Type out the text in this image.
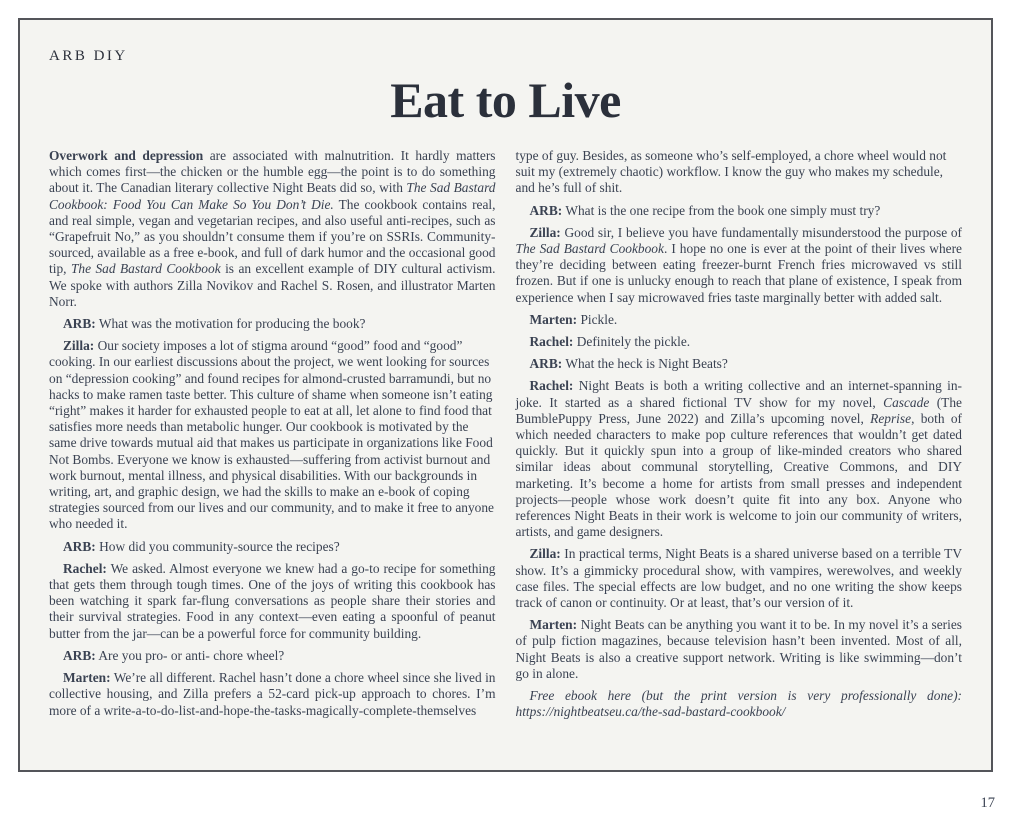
ARB DIY
Eat to Live

Overwork and depression are associated with malnutrition. It hardly matters which comes first—the chicken or the humble egg—the point is to do something about it. The Canadian literary collective Night Beats did so, with The Sad Bastard Cookbook: Food You Can Make So You Don’t Die. The cookbook contains real, and real simple, vegan and vegetarian recipes, and also useful anti-recipes, such as “Grapefruit No,” as you shouldn’t consume them if you’re on SSRIs. Community-sourced, available as a free e-book, and full of dark humor and the occasional good tip, The Sad Bastard Cookbook is an excellent example of DIY cultural activism. We spoke with authors Zilla Novikov and Rachel S. Rosen, and illustrator Marten Norr.

ARB: What was the motivation for producing the book?

Zilla: Our society imposes a lot of stigma around “good” food and “good” cooking. In our earliest discussions about the project, we went looking for sources on “depression cooking” and found recipes for almond-crusted barramundi, but no hacks to make ramen taste better. This culture of shame when someone isn’t eating “right” makes it harder for exhausted people to eat at all, let alone to find food that satisfies more needs than metabolic hunger. Our cookbook is motivated by the same drive towards mutual aid that makes us participate in organizations like Food Not Bombs. Everyone we know is exhausted—suffering from activist burnout and work burnout, mental illness, and physical disabilities. With our backgrounds in writing, art, and graphic design, we had the skills to make an e-book of coping strategies sourced from our lives and our community, and to make it free to anyone who needed it.

ARB: How did you community-source the recipes?

Rachel: We asked. Almost everyone we knew had a go-to recipe for something that gets them through tough times. One of the joys of writing this cookbook has been watching it spark far-flung conversations as people share their stories and their survival strategies. Food in any context—even eating a spoonful of peanut butter from the jar—can be a powerful force for community building.

ARB: Are you pro- or anti- chore wheel?

Marten: We’re all different. Rachel hasn’t done a chore wheel since she lived in collective housing, and Zilla prefers a 52-card pick-up approach to chores. I’m more of a write-a-to-do-list-and-hope-the-tasks-magically-complete-themselves

type of guy. Besides, as someone who’s self-employed, a chore wheel would not suit my (extremely chaotic) workflow. I know the guy who makes my schedule, and he’s full of shit.

ARB: What is the one recipe from the book one simply must try?

Zilla: Good sir, I believe you have fundamentally misunderstood the purpose of The Sad Bastard Cookbook. I hope no one is ever at the point of their lives where they’re deciding between eating freezer-burnt French fries microwaved vs still frozen. But if one is unlucky enough to reach that plane of existence, I speak from experience when I say microwaved fries taste marginally better with added salt.

Marten: Pickle.

Rachel: Definitely the pickle.

ARB: What the heck is Night Beats?

Rachel: Night Beats is both a writing collective and an internet-spanning in-joke. It started as a shared fictional TV show for my novel, Cascade (The BumblePuppy Press, June 2022) and Zilla’s upcoming novel, Reprise, both of which needed characters to make pop culture references that wouldn’t get dated quickly. But it quickly spun into a group of like-minded creators who shared similar ideas about communal storytelling, Creative Commons, and DIY marketing. It’s become a home for artists from small presses and independent projects—people whose work doesn’t quite fit into any box. Anyone who references Night Beats in their work is welcome to join our community of writers, artists, and game designers.

Zilla: In practical terms, Night Beats is a shared universe based on a terrible TV show. It’s a gimmicky procedural show, with vampires, werewolves, and weekly case files. The special effects are low budget, and no one writing the show keeps track of canon or continuity. Or at least, that’s our version of it.

Marten: Night Beats can be anything you want it to be. In my novel it’s a series of pulp fiction magazines, because television hasn’t been invented. Most of all, Night Beats is also a creative support network. Writing is like swimming—don’t go in alone.

Free ebook here (but the print version is very professionally done): https://nightbeatseu.ca/the-sad-bastard-cookbook/

17
